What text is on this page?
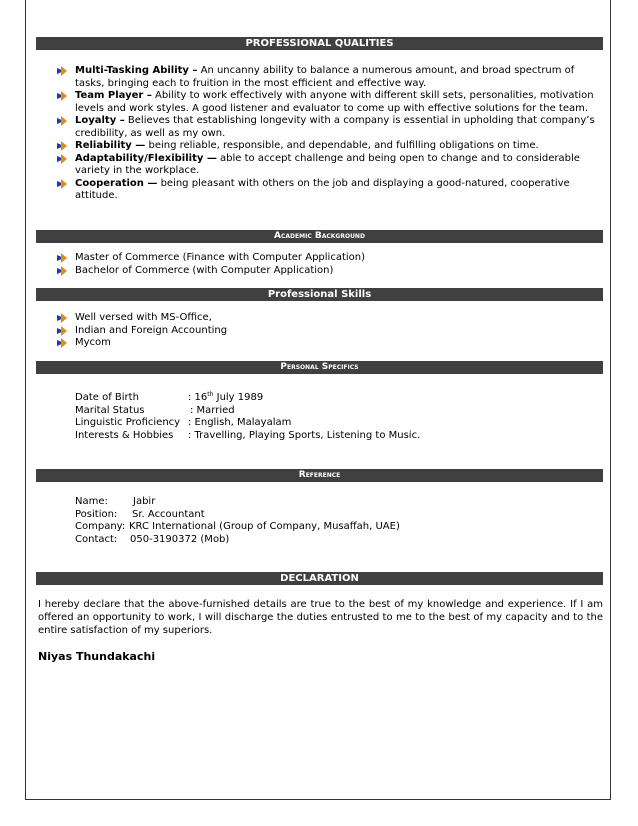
PROFESSIONAL QUALITIES
Multi-Tasking Ability – An uncanny ability to balance a numerous amount, and broad spectrum of tasks, bringing each to fruition in the most efficient and effective way.
Team Player – Ability to work effectively with anyone with different skill sets, personalities, motivation levels and work styles. A good listener and evaluator to come up with effective solutions for the team.
Loyalty – Believes that establishing longevity with a company is essential in upholding that company’s credibility, as well as my own.
Reliability — being reliable, responsible, and dependable, and fulfilling obligations on time.
Adaptability/Flexibility — able to accept challenge and being open to change and to considerable variety in the workplace.
Cooperation — being pleasant with others on the job and displaying a good-natured, cooperative attitude.
Academic Background
Master of Commerce (Finance with Computer Application)
Bachelor of Commerce (with Computer Application)
Professional Skills
Well versed with MS-Office,
Indian and Foreign Accounting
Mycom
Personal Specifics
Date of Birth	: 16th July 1989
Marital Status	: Married
Linguistic Proficiency : English, Malayalam
Interests & Hobbies : Travelling, Playing Sports, Listening to Music.
Reference
Name:	Jabir
Position: Sr. Accountant
Company: KRC International (Group of Company, Musaffah, UAE)
Contact: 050-3190372 (Mob)
DECLARATION
I hereby declare that the above-furnished details are true to the best of my knowledge and experience. If I am offered an opportunity to work, I will discharge the duties entrusted to me to the best of my capacity and to the entire satisfaction of my superiors.
Niyas Thundakachi
